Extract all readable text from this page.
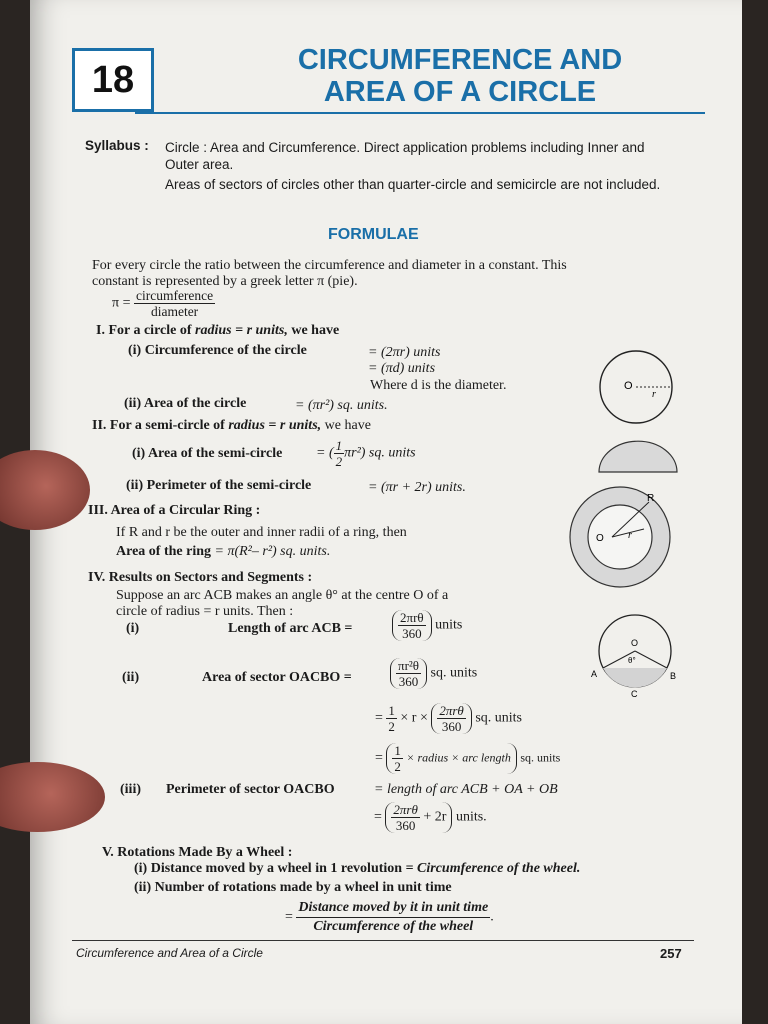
18	CIRCUMFERENCE AND
AREA OF A CIRCLE
Syllabus : Circle : Area and Circumference. Direct application problems including Inner and Outer area.
Areas of sectors of circles other than quarter-circle and semicircle are not included.
FORMULAE
For every circle the ratio between the circumference and diameter in a constant. This
constant is represented by a greek letter π (pie).
$\pi = \frac{\text{circumference}}{\text{diameter}}$
I. For a circle of radius = r units, we have
(i) Circumference of the circle	= (2πr) units
= (πd) units
Where d is the diameter.
(ii) Area of the circle	= (πr²) sq. units.
II. For a semi-circle of radius = r units, we have
(i) Area of the semi-circle = ( $\frac{1}{2} \pi r^2$) sq. units
(ii) Perimeter of the semi-circle	= (πr + 2r) units.
III. Area of a Circular Ring :
If R and r be the outer and inner radii of a ring, then
Area of the ring = π(R²– r²) sq. units.
IV. Results on Sectors and Segments :
Suppose an arc ACB makes an angle θ° at the centre O of a
circle of radius = r units. Then :
(i)	Length of arc ACB =	$\frac{\text{2πrθ}}{360}$ units
(ii)	Area of sector OACBO =	$\frac{\text{πr²θ}}{360}$ sq. units
= $\frac{1}{2} \times r \times \frac{\text{2πrθ}}{360}$ sq. units
= $\frac{1}{2}$ × radius × arc length sq. units
(iii) Perimeter of sector OACBO	= length of arc ACB + OA + OB
= $\frac{\text{2πrθ}}{360} + 2r$ units.
V. Rotations Made By a Wheel :
(i) Distance moved by a wheel in 1 revolution = Circumference of the wheel.
(ii) Number of rotations made by a wheel in unit time
= $\frac{\text{Distance moved by it in unit time}}{\text{Circumference of the wheel}}$ .
Circumference and Area of a Circle	257
O
r
R
O r
O
θ°
A	B
C
